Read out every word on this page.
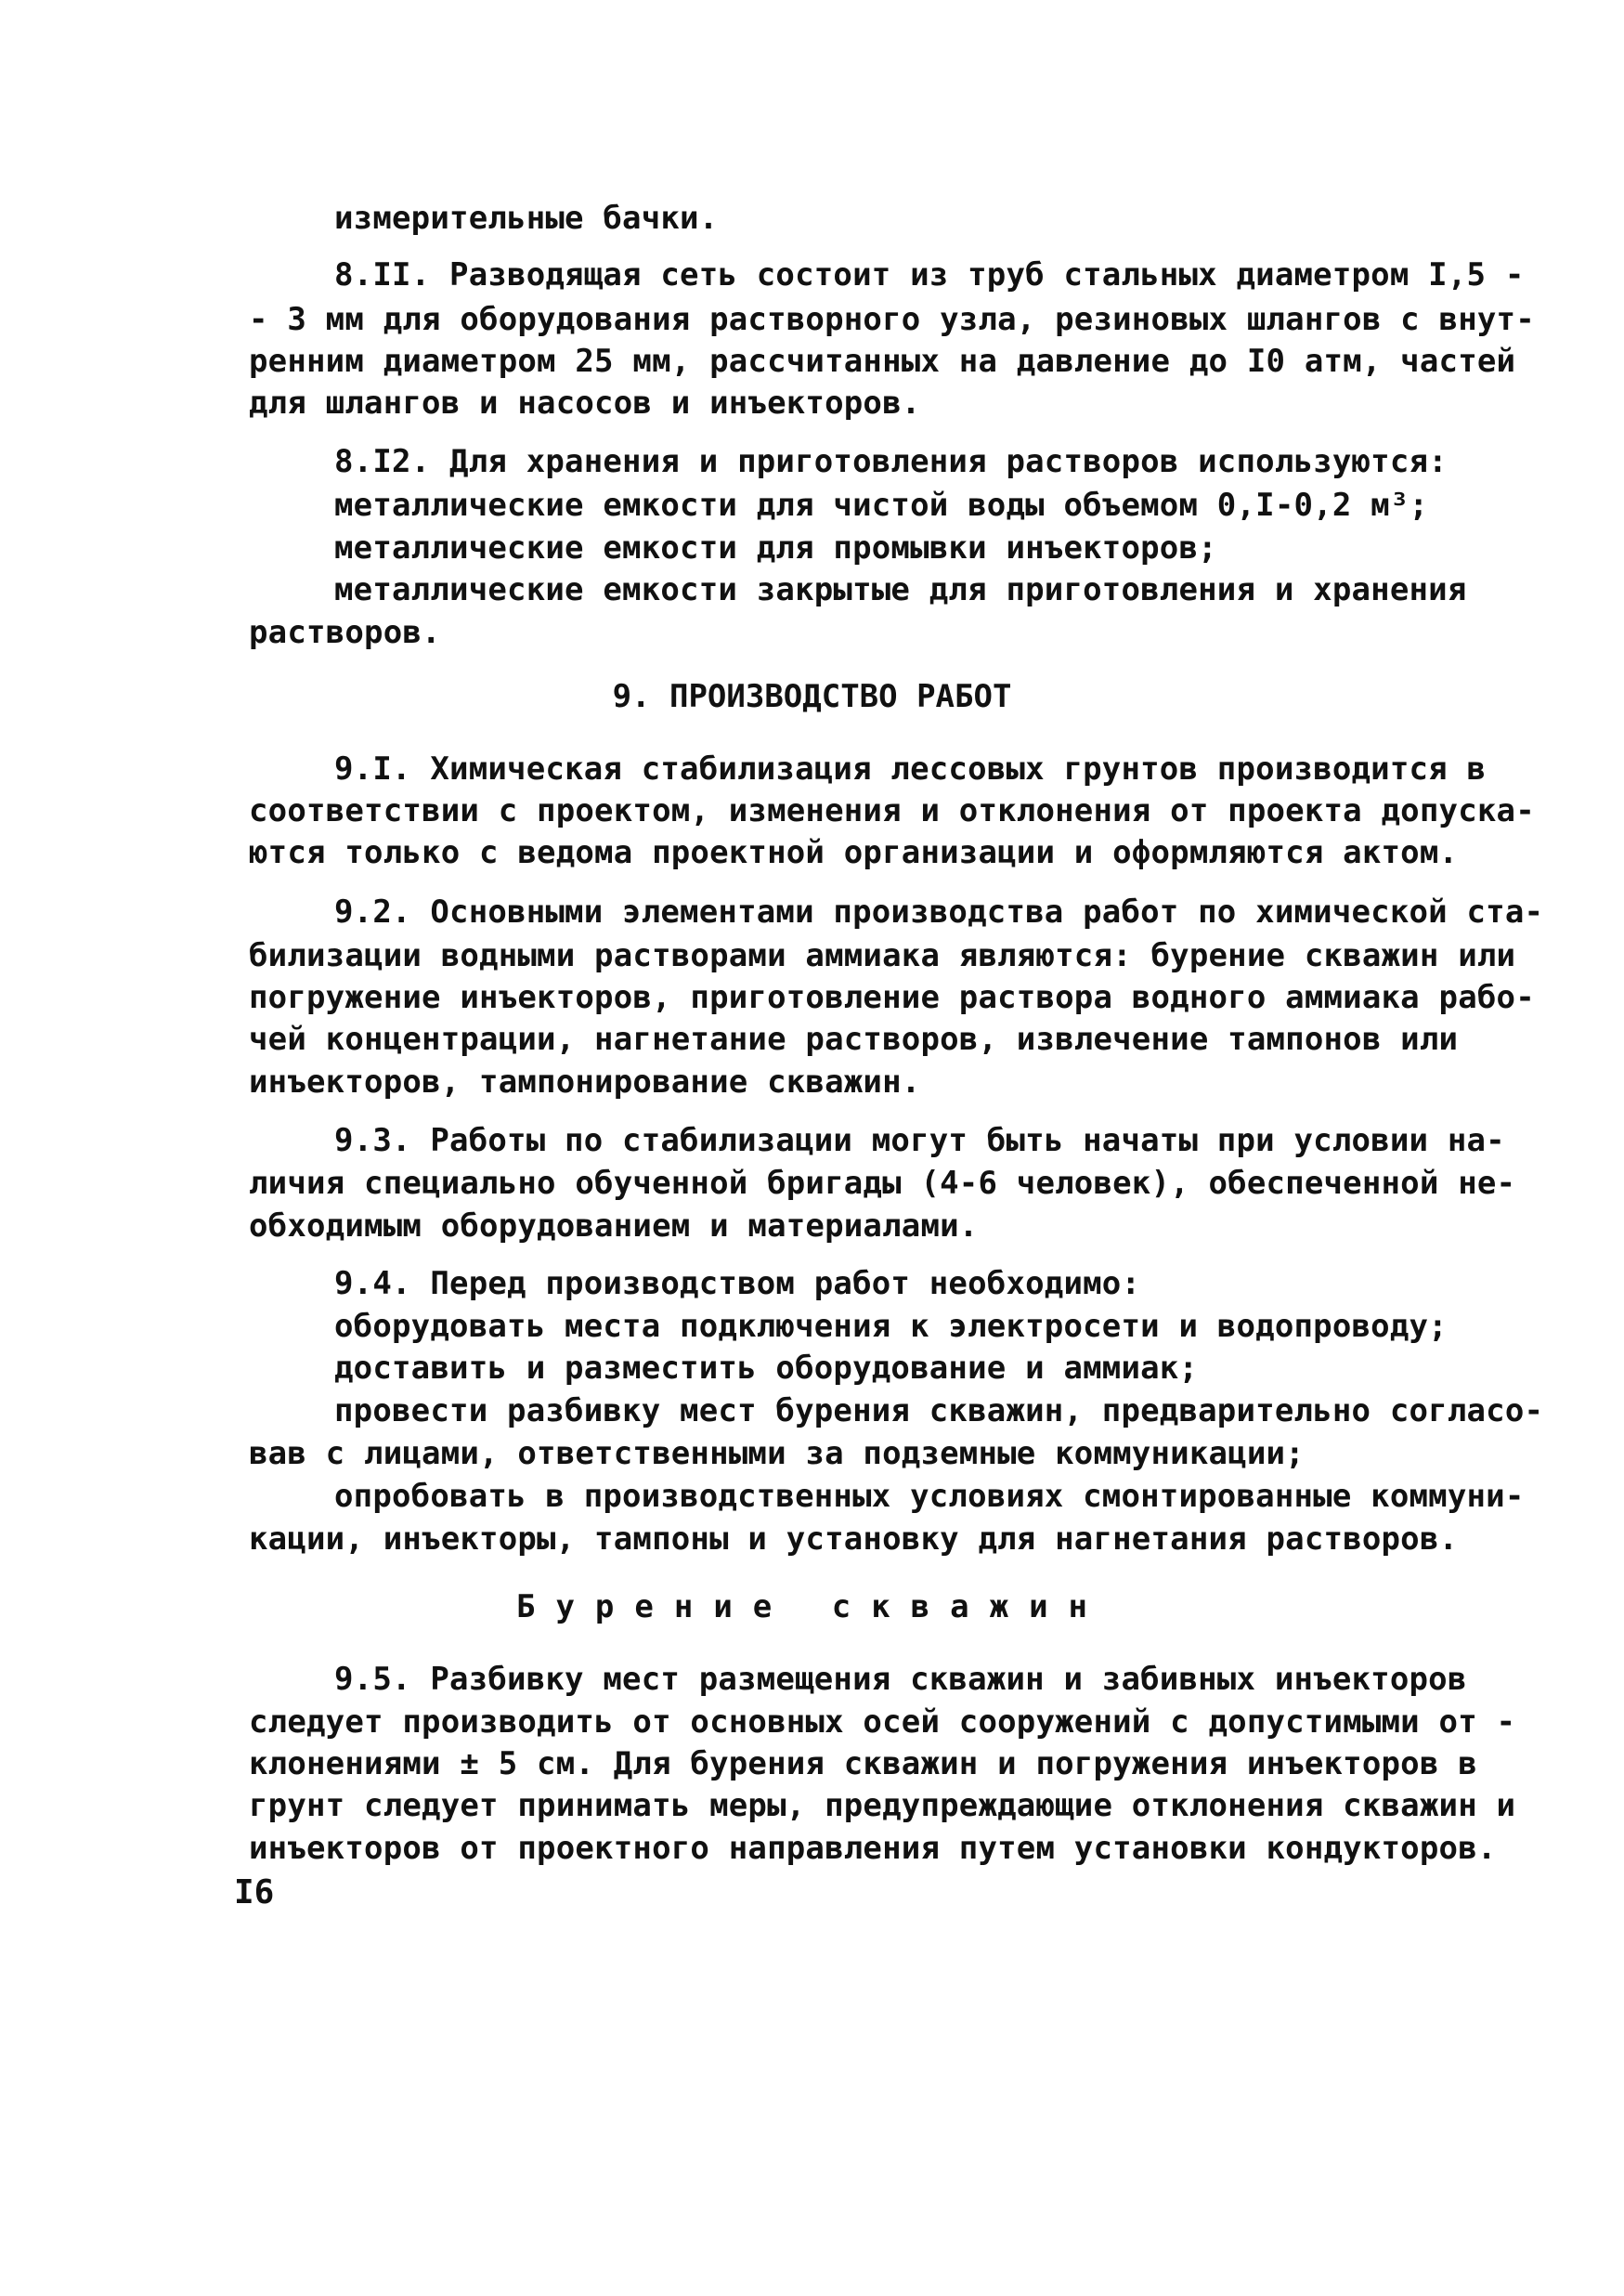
измерительные бачки.
8.II. Разводящая сеть состоит из труб стальных диаметром I,5 -
- 3 мм для оборудования растворного узла, резиновых шлангов с внут-
ренним диаметром 25 мм, рассчитанных на давление до I0 атм, частей
для шлангов и насосов и инъекторов.
8.I2. Для хранения и приготовления растворов используются:
металлические емкости для чистой воды объемом 0,I-0,2 м³;
металлические емкости для промывки инъекторов;
металлические емкости закрытые для приготовления и хранения
растворов.
9. ПРОИЗВОДСТВО РАБОТ
9.I. Химическая стабилизация лессовых грунтов производится в
соответствии с проектом, изменения и отклонения от проекта допуска-
ются только с ведома проектной организации и оформляются актом.
9.2. Основными элементами производства работ по химической ста-
билизации водными растворами аммиака являются: бурение скважин или
погружение инъекторов, приготовление раствора водного аммиака рабо-
чей концентрации, нагнетание растворов, извлечение тампонов или
инъекторов, тампонирование скважин.
9.3. Работы по стабилизации могут быть начаты при условии на-
личия специально обученной бригады (4-6 человек), обеспеченной не-
обходимым оборудованием и материалами.
9.4. Перед производством работ необходимо:
оборудовать места подключения к электросети и водопроводу;
доставить и разместить оборудование и аммиак;
провести разбивку мест бурения скважин, предварительно согласо-
вав с лицами, ответственными за подземные коммуникации;
опробовать в производственных условиях смонтированные коммуни-
кации, инъекторы, тампоны и установку для нагнетания растворов.
Бурение скважин
9.5. Разбивку мест размещения скважин и забивных инъекторов
следует производить от основных осей сооружений с допустимыми от -
клонениями ± 5 см. Для бурения скважин и погружения инъекторов в
грунт следует принимать меры, предупреждающие отклонения скважин и
инъекторов от проектного направления путем установки кондукторов.
I6
